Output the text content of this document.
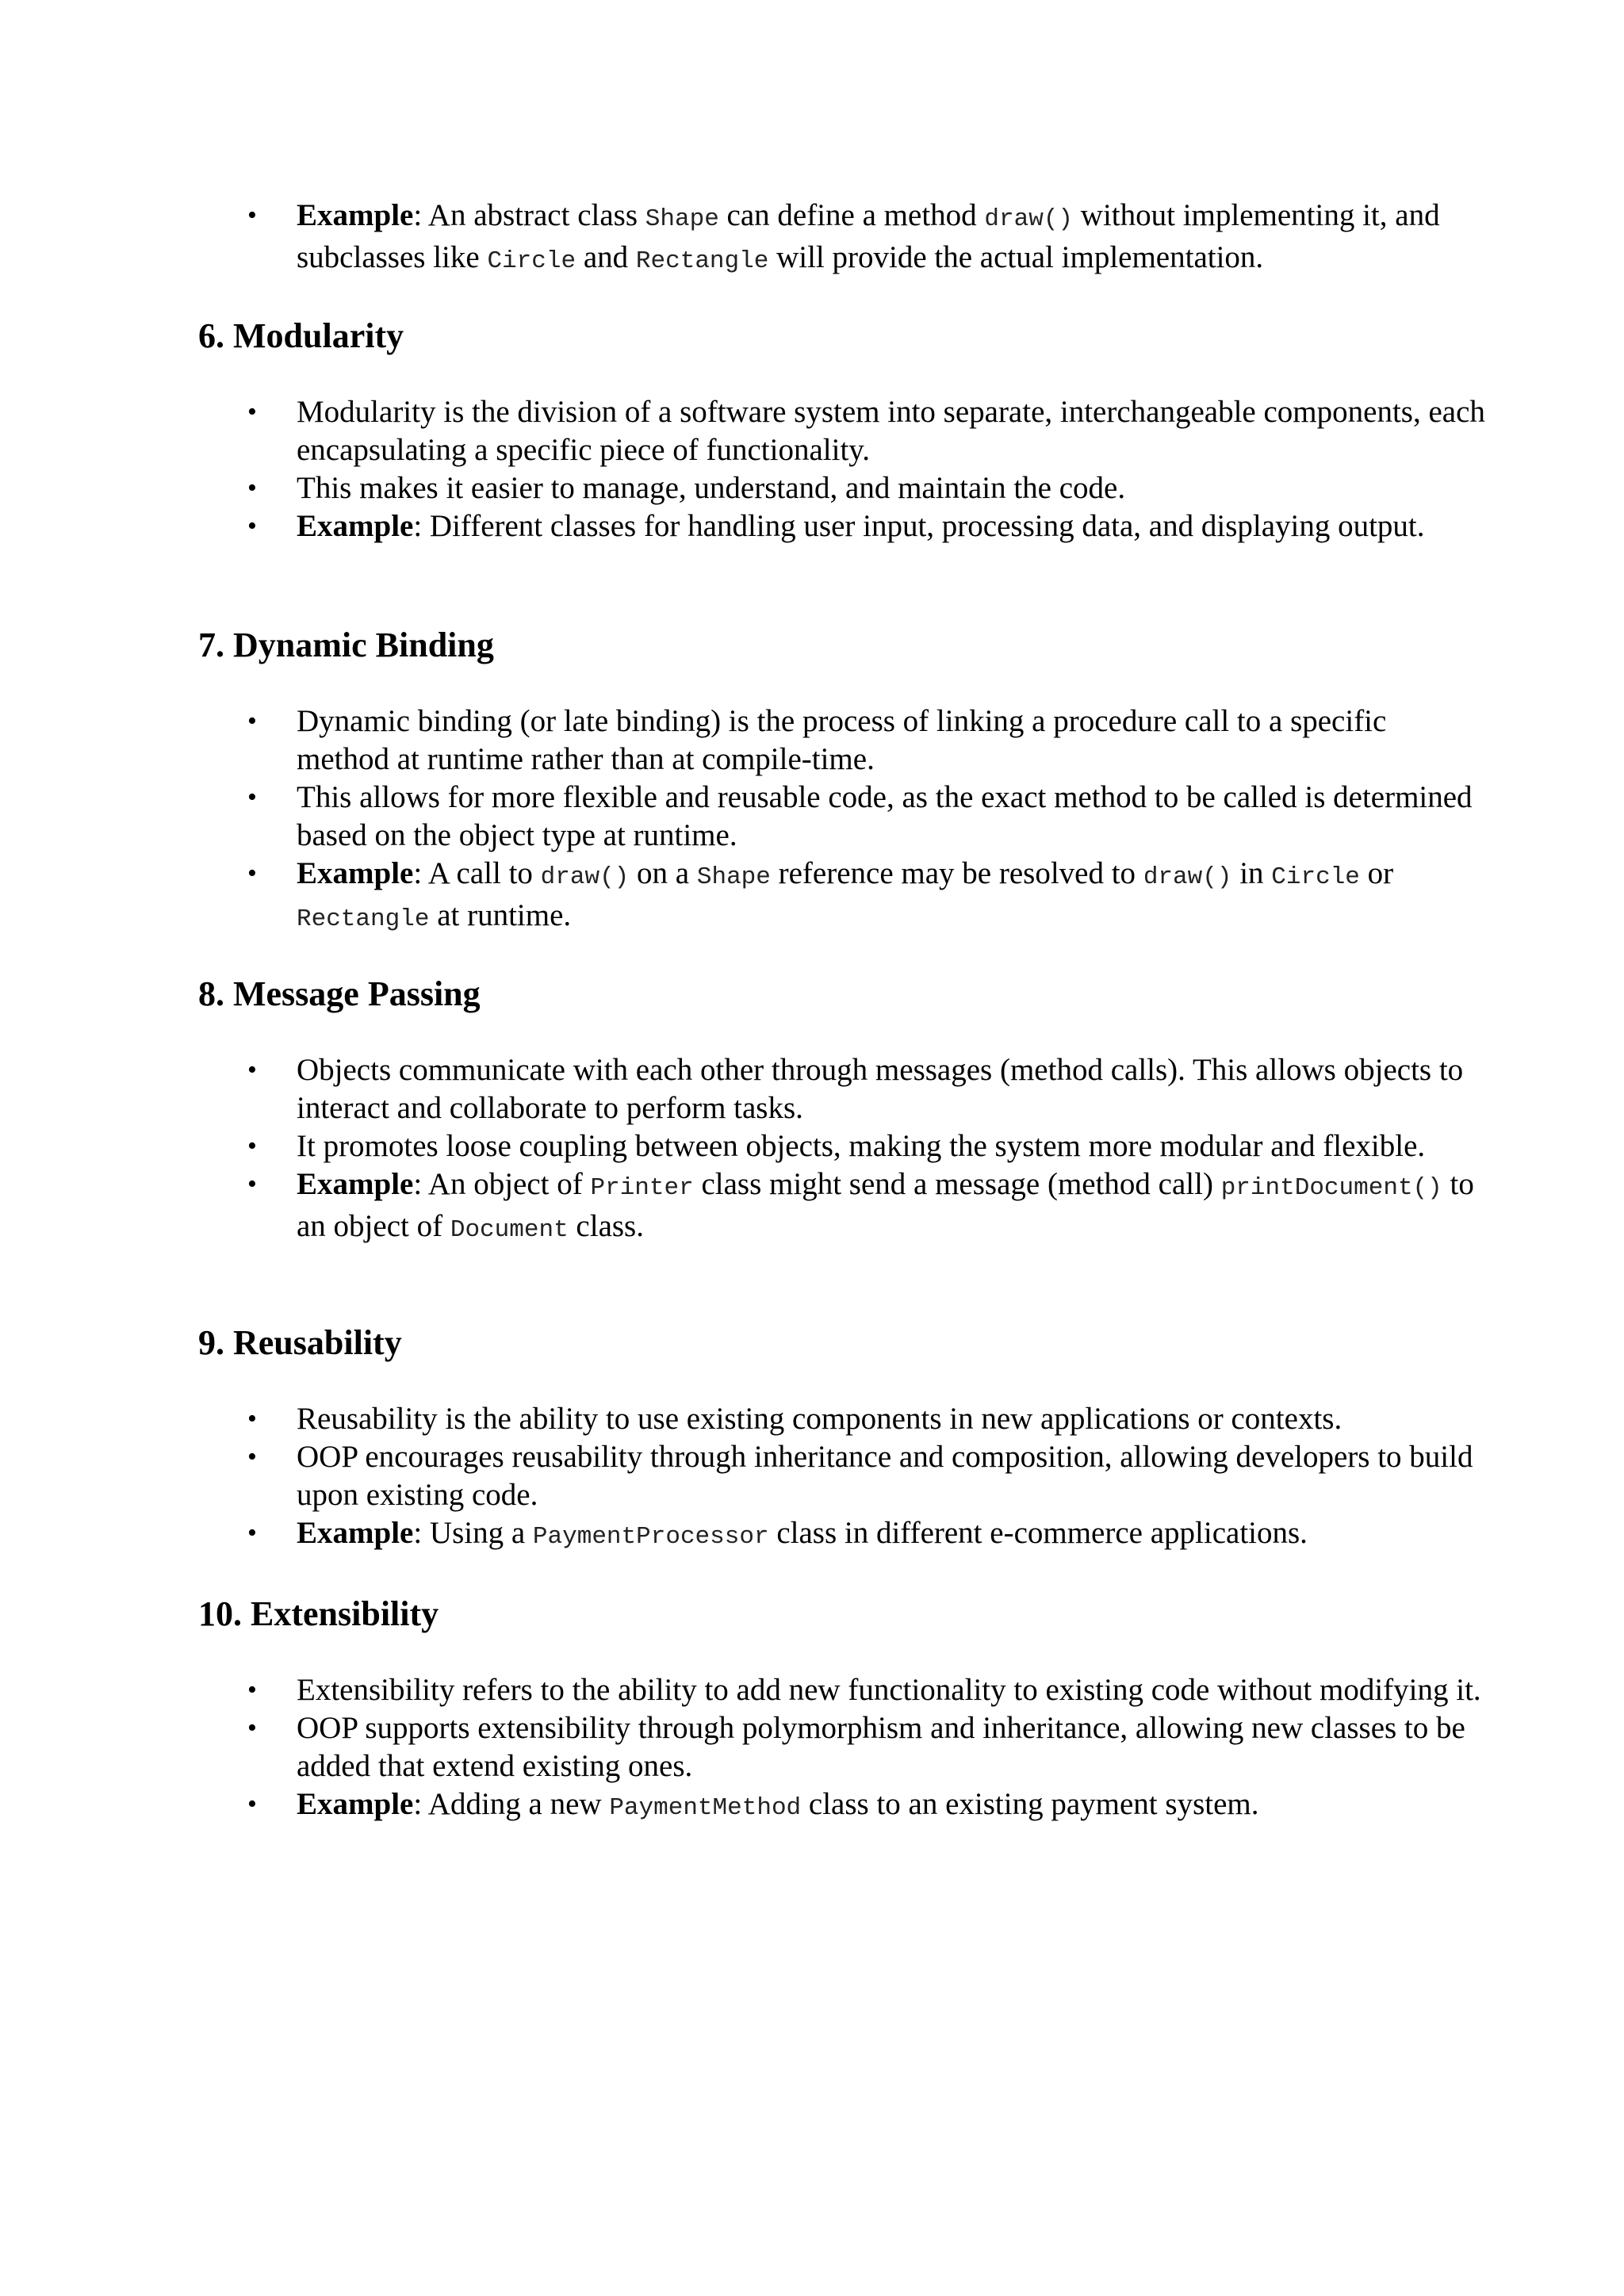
• Example: An abstract class Shape can define a method draw() without implementing it, and subclasses like Circle and Rectangle will provide the actual implementation.
6. Modularity
• Modularity is the division of a software system into separate, interchangeable components, each encapsulating a specific piece of functionality.
• This makes it easier to manage, understand, and maintain the code.
• Example: Different classes for handling user input, processing data, and displaying output.
7. Dynamic Binding
• Dynamic binding (or late binding) is the process of linking a procedure call to a specific method at runtime rather than at compile-time.
• This allows for more flexible and reusable code, as the exact method to be called is determined based on the object type at runtime.
• Example: A call to draw() on a Shape reference may be resolved to draw() in Circle or Rectangle at runtime.
8. Message Passing
• Objects communicate with each other through messages (method calls). This allows objects to interact and collaborate to perform tasks.
• It promotes loose coupling between objects, making the system more modular and flexible.
• Example: An object of Printer class might send a message (method call) printDocument() to an object of Document class.
9. Reusability
• Reusability is the ability to use existing components in new applications or contexts.
• OOP encourages reusability through inheritance and composition, allowing developers to build upon existing code.
• Example: Using a PaymentProcessor class in different e-commerce applications.
10. Extensibility
• Extensibility refers to the ability to add new functionality to existing code without modifying it.
• OOP supports extensibility through polymorphism and inheritance, allowing new classes to be added that extend existing ones.
• Example: Adding a new PaymentMethod class to an existing payment system.
